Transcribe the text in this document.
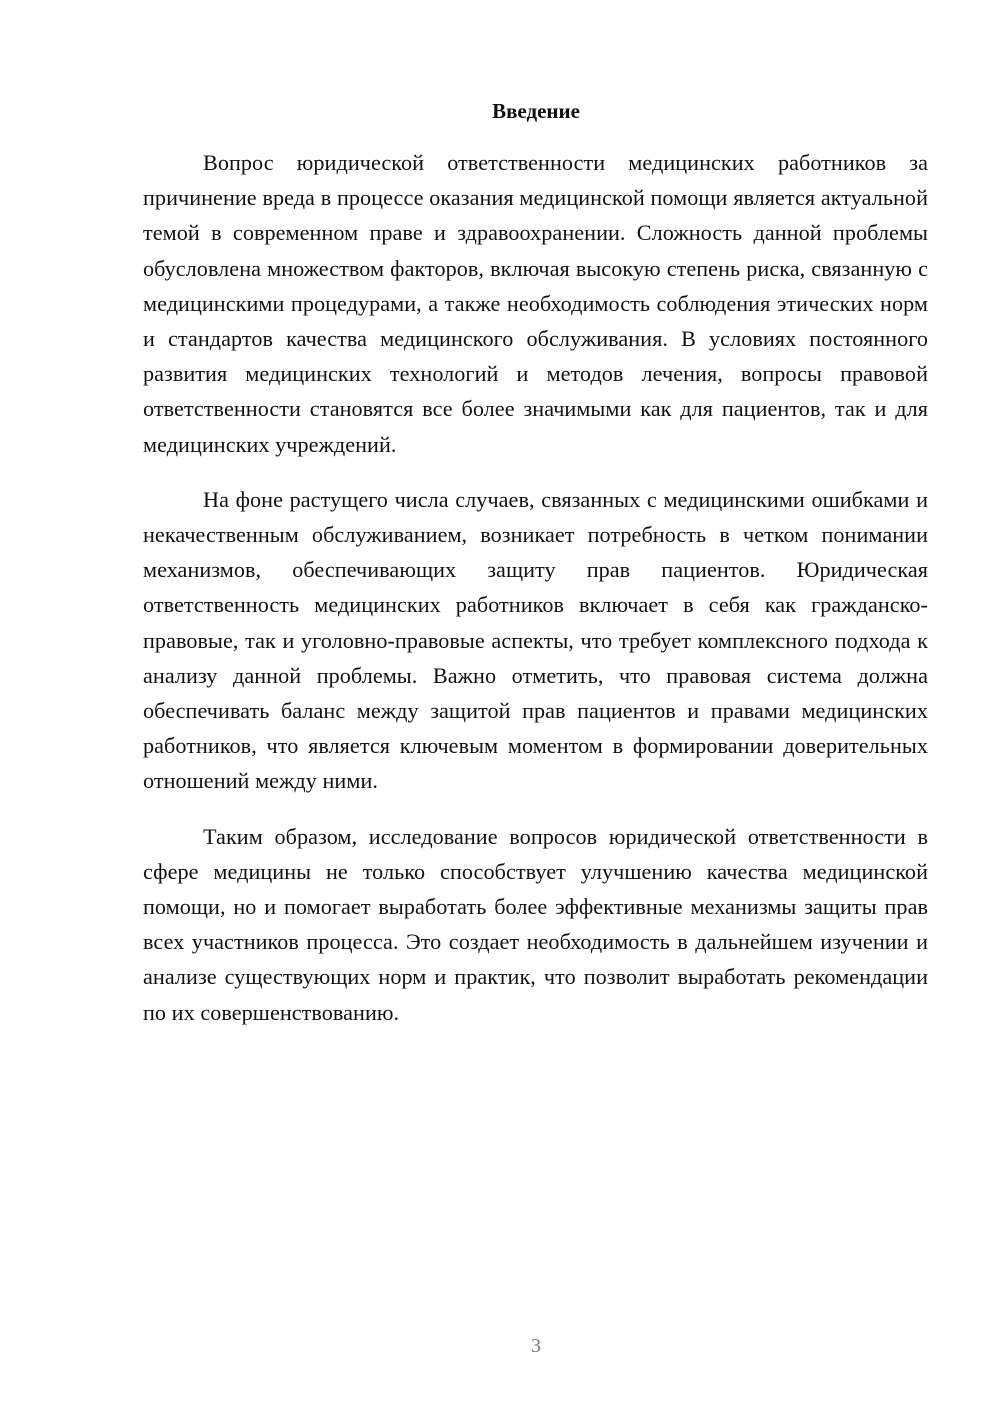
Введение

Вопрос юридической ответственности медицинских работников за причинение вреда в процессе оказания медицинской помощи является актуальной темой в современном праве и здравоохранении. Сложность данной проблемы обусловлена множеством факторов, включая высокую степень риска, связанную с медицинскими процедурами, а также необходимость соблюдения этических норм и стандартов качества медицинского обслуживания. В условиях постоянного развития медицинских технологий и методов лечения, вопросы правовой ответственности становятся все более значимыми как для пациентов, так и для медицинских учреждений.

На фоне растущего числа случаев, связанных с медицинскими ошибками и некачественным обслуживанием, возникает потребность в четком понимании механизмов, обеспечивающих защиту прав пациентов. Юридическая ответственность медицинских работников включает в себя как гражданско-правовые, так и уголовно-правовые аспекты, что требует комплексного подхода к анализу данной проблемы. Важно отметить, что правовая система должна обеспечивать баланс между защитой прав пациентов и правами медицинских работников, что является ключевым моментом в формировании доверительных отношений между ними.

Таким образом, исследование вопросов юридической ответственности в сфере медицины не только способствует улучшению качества медицинской помощи, но и помогает выработать более эффективные механизмы защиты прав всех участников процесса. Это создает необходимость в дальнейшем изучении и анализе существующих норм и практик, что позволит выработать рекомендации по их совершенствованию.

3
